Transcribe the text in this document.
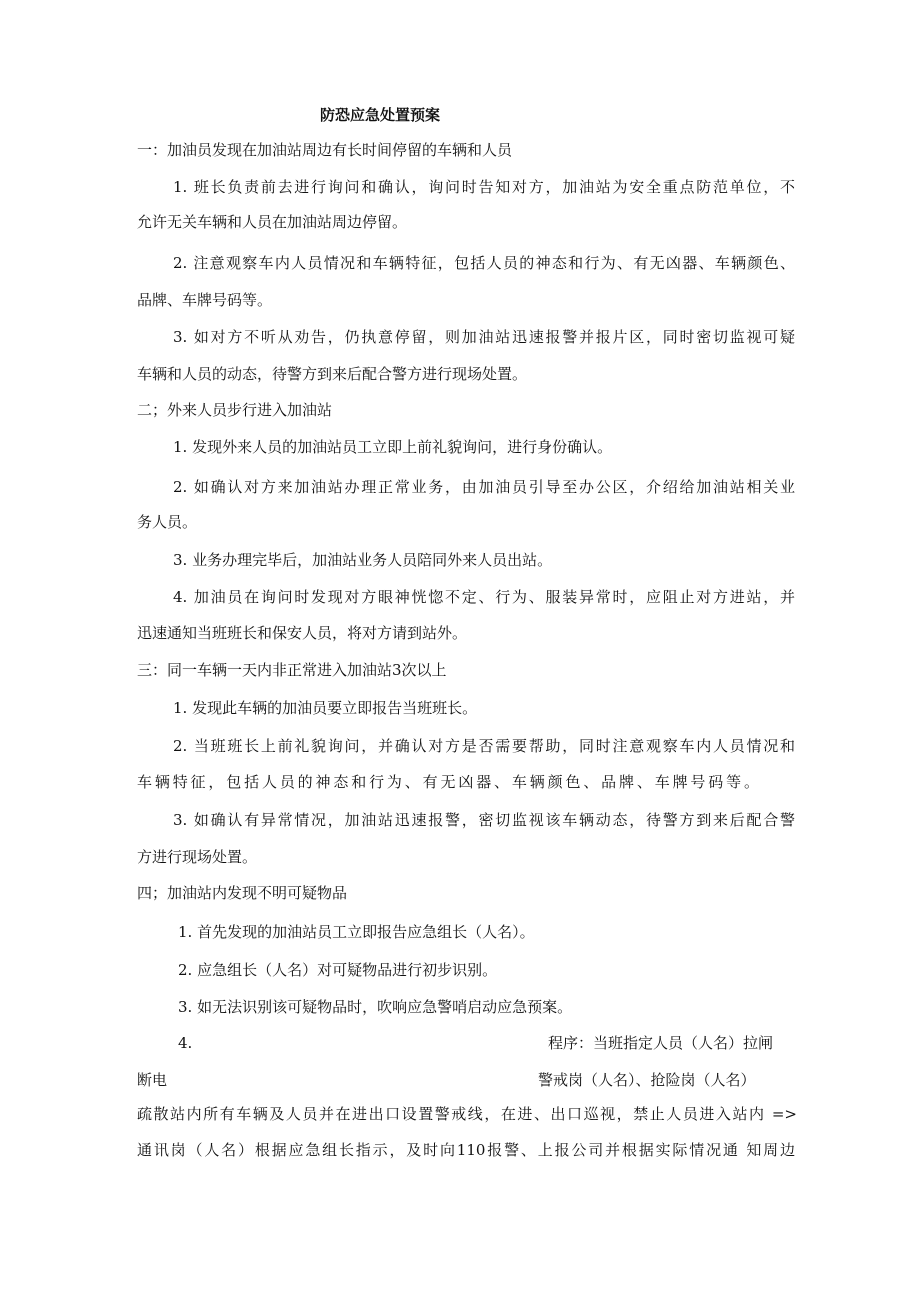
防恐应急处置预案
一：加油员发现在加油站周边有长时间停留的车辆和人员
1. 班长负责前去进行询问和确认，询问时告知对方，加油站为安全重点防范单位，不
允许无关车辆和人员在加油站周边停留。
2. 注意观察车内人员情况和车辆特征，包括人员的神态和行为、有无凶器、车辆颜色、
品牌、车牌号码等。
3. 如对方不听从劝告，仍执意停留，则加油站迅速报警并报片区，同时密切监视可疑
车辆和人员的动态，待警方到来后配合警方进行现场处置。
二；外来人员步行进入加油站
1. 发现外来人员的加油站员工立即上前礼貌询问，进行身份确认。
2. 如确认对方来加油站办理正常业务，由加油员引导至办公区，介绍给加油站相关业
务人员。
3. 业务办理完毕后，加油站业务人员陪同外来人员出站。
4. 加油员在询问时发现对方眼神恍惚不定、行为、服装异常时，应阻止对方进站，并
迅速通知当班班长和保安人员，将对方请到站外。
三：同一车辆一天内非正常进入加油站3次以上
1. 发现此车辆的加油员要立即报告当班班长。
2. 当班班长上前礼貌询问，并确认对方是否需要帮助，同时注意观察车内人员情况和
车辆特征，包括人员的神态和行为、有无凶器、车辆颜色、品牌、车牌号码等。
3. 如确认有异常情况，加油站迅速报警，密切监视该车辆动态，待警方到来后配合警
方进行现场处置。
四；加油站内发现不明可疑物品
1. 首先发现的加油站员工立即报告应急组长（人名）。
2. 应急组长（人名）对可疑物品进行初步识别。
3. 如无法识别该可疑物品时，吹响应急警哨启动应急预案。
4.	程序：当班指定人员（人名）拉闸
断电	警戒岗（人名）、抢险岗（人名）
疏散站内所有车辆及人员并在进出口设置警戒线，在进、出口巡视，禁止人员进入站内 =>
通讯岗（人名）根据应急组长指示，及时向110报警、上报公司并根据实际情况通 知周边
